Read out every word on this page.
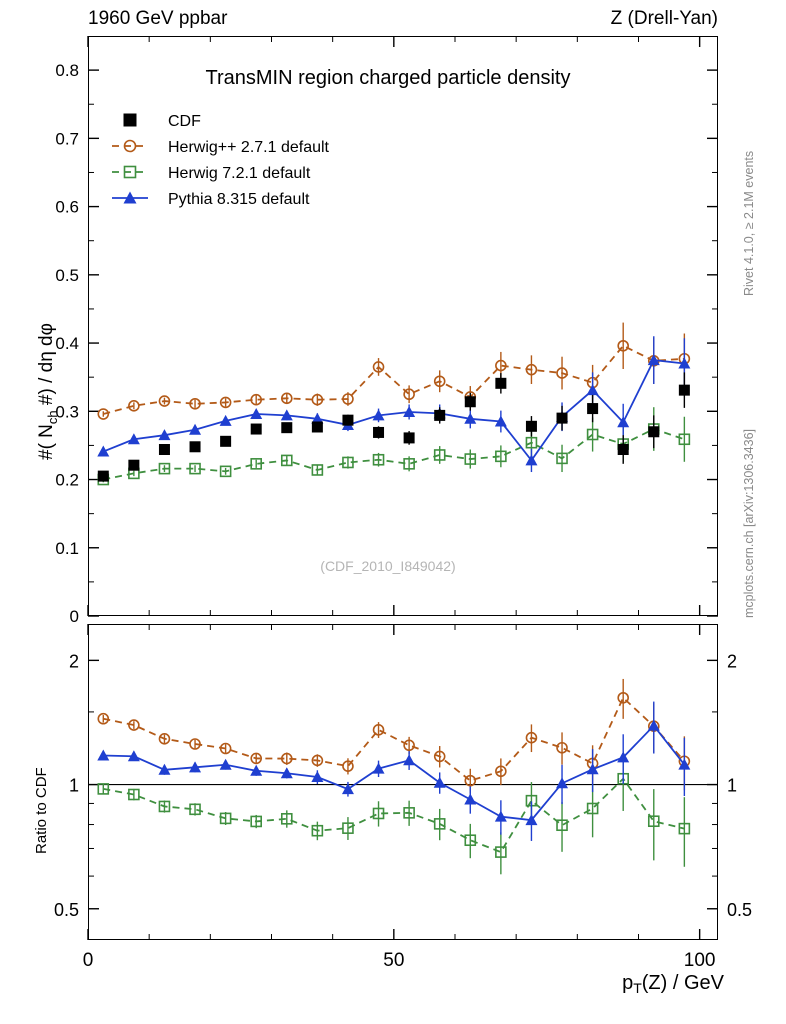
1960 GeV ppbar	Z (Drell-Yan)
Rivet 4.1.0, ≥ 2.1M events
mcplots.cern.ch [arXiv:1306.3436]
0
0.1
0.2
0.3
0.4
0.5
0.6
0.7
0.8	TransMIN region charged particle density
(CDF_2010_I849042)
CDF
Herwig++ 2.7.1 default
Herwig 7.2.1 default
Pythia 8.315 default
0.5	0.5
1	1
2	2
0	50	100
#( $N_{ch}$ #) / dη dφ
Ratio to CDF
pT(Z) / GeV
